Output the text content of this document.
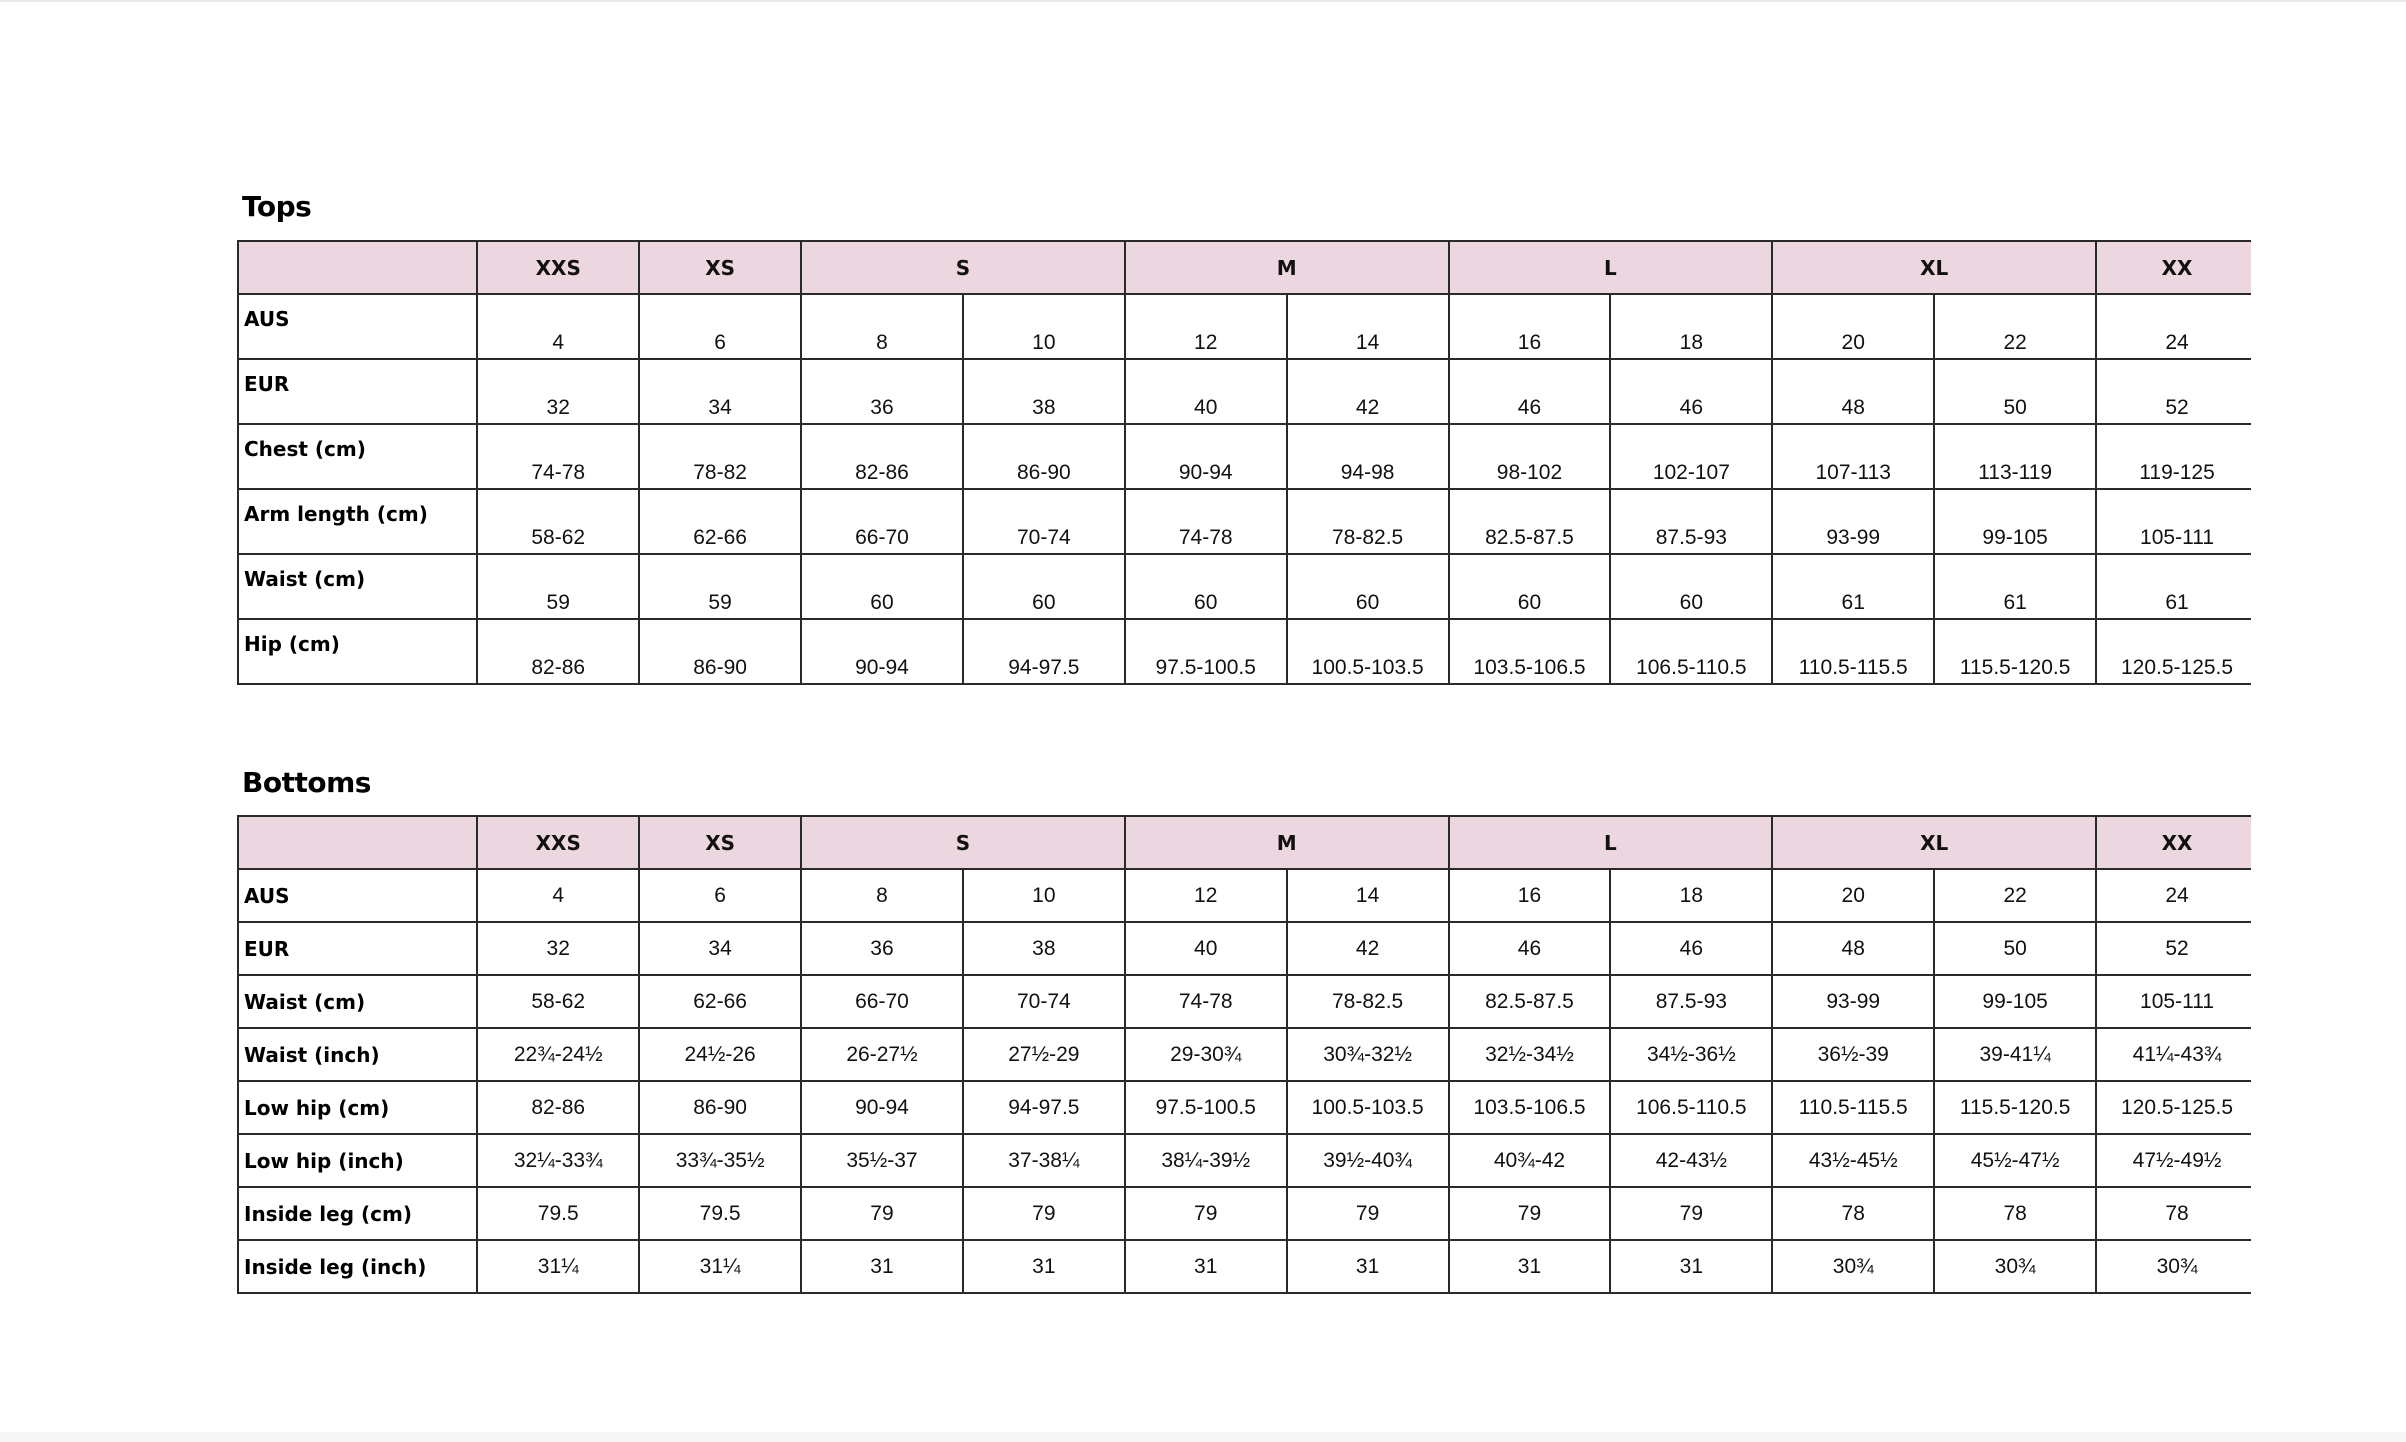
Tops
	XXS	XS	S		M		L		XL		XX
AUS	4	6	8	10	12	14	16	18	20	22	24
EUR	32	34	36	38	40	42	46	46	48	50	52
Chest (cm)	74-78	78-82	82-86	86-90	90-94	94-98	98-102	102-107	107-113	113-119	119-125
Arm length (cm)	58-62	62-66	66-70	70-74	74-78	78-82.5	82.5-87.5	87.5-93	93-99	99-105	105-111
Waist (cm)	59	59	60	60	60	60	60	60	61	61	61
Hip (cm)	82-86	86-90	90-94	94-97.5	97.5-100.5	100.5-103.5	103.5-106.5	106.5-110.5	110.5-115.5	115.5-120.5	120.5-125.5
Bottoms
	XXS	XS	S		M		L		XL		XX
AUS	4	6	8	10	12	14	16	18	20	22	24
EUR	32	34	36	38	40	42	46	46	48	50	52
Waist (cm)	58-62	62-66	66-70	70-74	74-78	78-82.5	82.5-87.5	87.5-93	93-99	99-105	105-111
Waist (inch)	22¾-24½	24½-26	26-27½	27½-29	29-30¾	30¾-32½	32½-34½	34½-36½	36½-39	39-41¼	41¼-43¾
Low hip (cm)	82-86	86-90	90-94	94-97.5	97.5-100.5	100.5-103.5	103.5-106.5	106.5-110.5	110.5-115.5	115.5-120.5	120.5-125.5
Low hip (inch)	32¼-33¾	33¾-35½	35½-37	37-38¼	38¼-39½	39½-40¾	40¾-42	42-43½	43½-45½	45½-47½	47½-49½
Inside leg (cm)	79.5	79.5	79	79	79	79	79	79	78	78	78
Inside leg (inch)	31¼	31¼	31	31	31	31	31	31	30¾	30¾	30¾
